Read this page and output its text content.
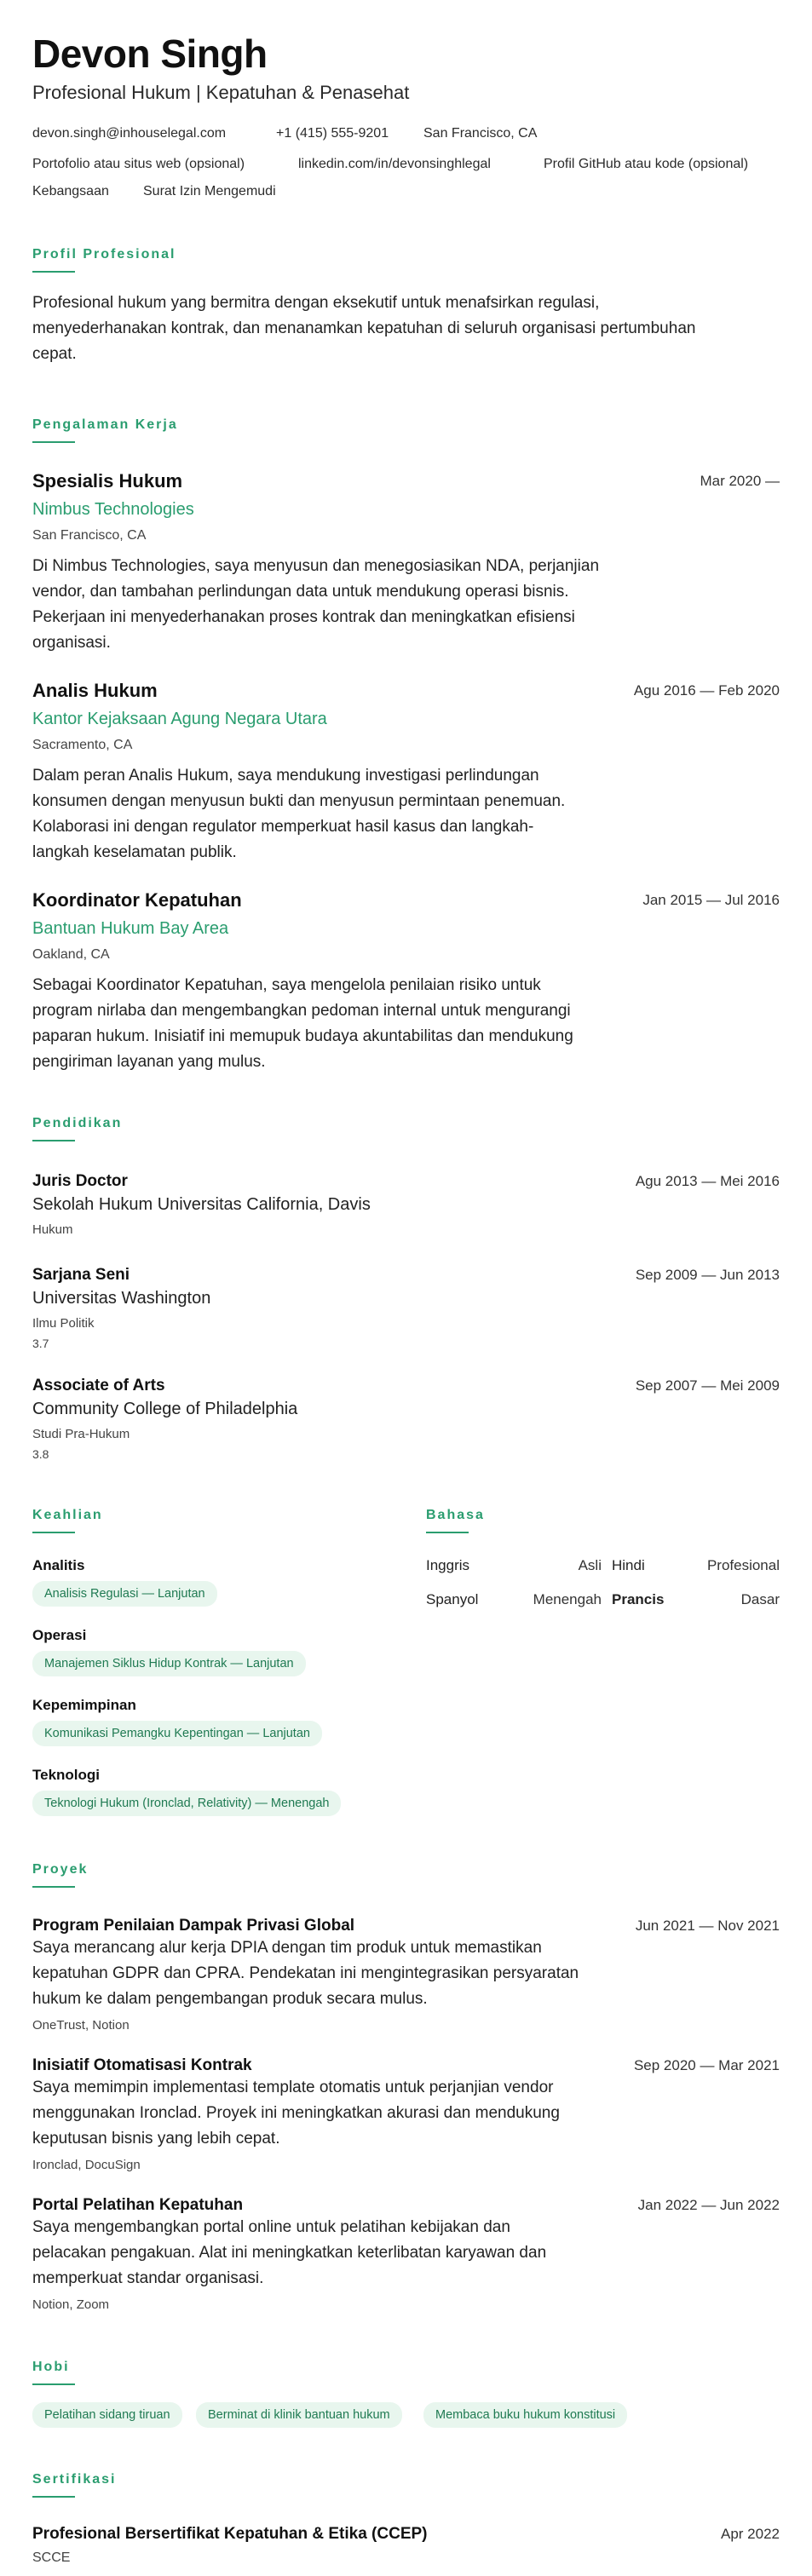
Devon Singh
Profesional Hukum | Kepatuhan & Penasehat
devon.singh@inhouselegal.com	+1 (415) 555-9201	San Francisco, CA
Portofolio atau situs web (opsional)	linkedin.com/in/devonsinghlegal	Profil GitHub atau kode (opsional)
Kebangsaan	Surat Izin Mengemudi
Profil Profesional
Profesional hukum yang bermitra dengan eksekutif untuk menafsirkan regulasi,
menyederhanakan kontrak, dan menanamkan kepatuhan di seluruh organisasi pertumbuhan
cepat.
Pengalaman Kerja
Spesialis Hukum	Mar 2020 —
Nimbus Technologies
San Francisco, CA
Di Nimbus Technologies, saya menyusun dan menegosiasikan NDA, perjanjian
vendor, dan tambahan perlindungan data untuk mendukung operasi bisnis.
Pekerjaan ini menyederhanakan proses kontrak dan meningkatkan efisiensi
organisasi.
Analis Hukum	Agu 2016 — Feb 2020
Kantor Kejaksaan Agung Negara Utara
Sacramento, CA
Dalam peran Analis Hukum, saya mendukung investigasi perlindungan
konsumen dengan menyusun bukti dan menyusun permintaan penemuan.
Kolaborasi ini dengan regulator memperkuat hasil kasus dan langkah-
langkah keselamatan publik.
Koordinator Kepatuhan	Jan 2015 — Jul 2016
Bantuan Hukum Bay Area
Oakland, CA
Sebagai Koordinator Kepatuhan, saya mengelola penilaian risiko untuk
program nirlaba dan mengembangkan pedoman internal untuk mengurangi
paparan hukum. Inisiatif ini memupuk budaya akuntabilitas dan mendukung
pengiriman layanan yang mulus.
Pendidikan
Juris Doctor	Agu 2013 — Mei 2016
Sekolah Hukum Universitas California, Davis
Hukum
Sarjana Seni	Sep 2009 — Jun 2013
Universitas Washington
Ilmu Politik
3.7
Associate of Arts	Sep 2007 — Mei 2009
Community College of Philadelphia
Studi Pra-Hukum
3.8
Keahlian
Analitis
Analisis Regulasi — Lanjutan
Operasi
Manajemen Siklus Hidup Kontrak — Lanjutan
Kepemimpinan
Komunikasi Pemangku Kepentingan — Lanjutan
Teknologi
Teknologi Hukum (Ironclad, Relativity) — Menengah
Bahasa
Inggris	Asli Hindi	Profesional
Spanyol	Menengah Prancis	Dasar
Proyek
Program Penilaian Dampak Privasi Global	Jun 2021 — Nov 2021
Saya merancang alur kerja DPIA dengan tim produk untuk memastikan
kepatuhan GDPR dan CPRA. Pendekatan ini mengintegrasikan persyaratan
hukum ke dalam pengembangan produk secara mulus.
OneTrust, Notion
Inisiatif Otomatisasi Kontrak	Sep 2020 — Mar 2021
Saya memimpin implementasi template otomatis untuk perjanjian vendor
menggunakan Ironclad. Proyek ini meningkatkan akurasi dan mendukung
keputusan bisnis yang lebih cepat.
Ironclad, DocuSign
Portal Pelatihan Kepatuhan	Jan 2022 — Jun 2022
Saya mengembangkan portal online untuk pelatihan kebijakan dan
pelacakan pengakuan. Alat ini meningkatkan keterlibatan karyawan dan
memperkuat standar organisasi.
Notion, Zoom
Hobi
Pelatihan sidang tiruan	Berminat di klinik bantuan hukum	Membaca buku hukum konstitusi
Sertifikasi
Profesional Bersertifikat Kepatuhan & Etika (CCEP)	Apr 2022
SCCE
